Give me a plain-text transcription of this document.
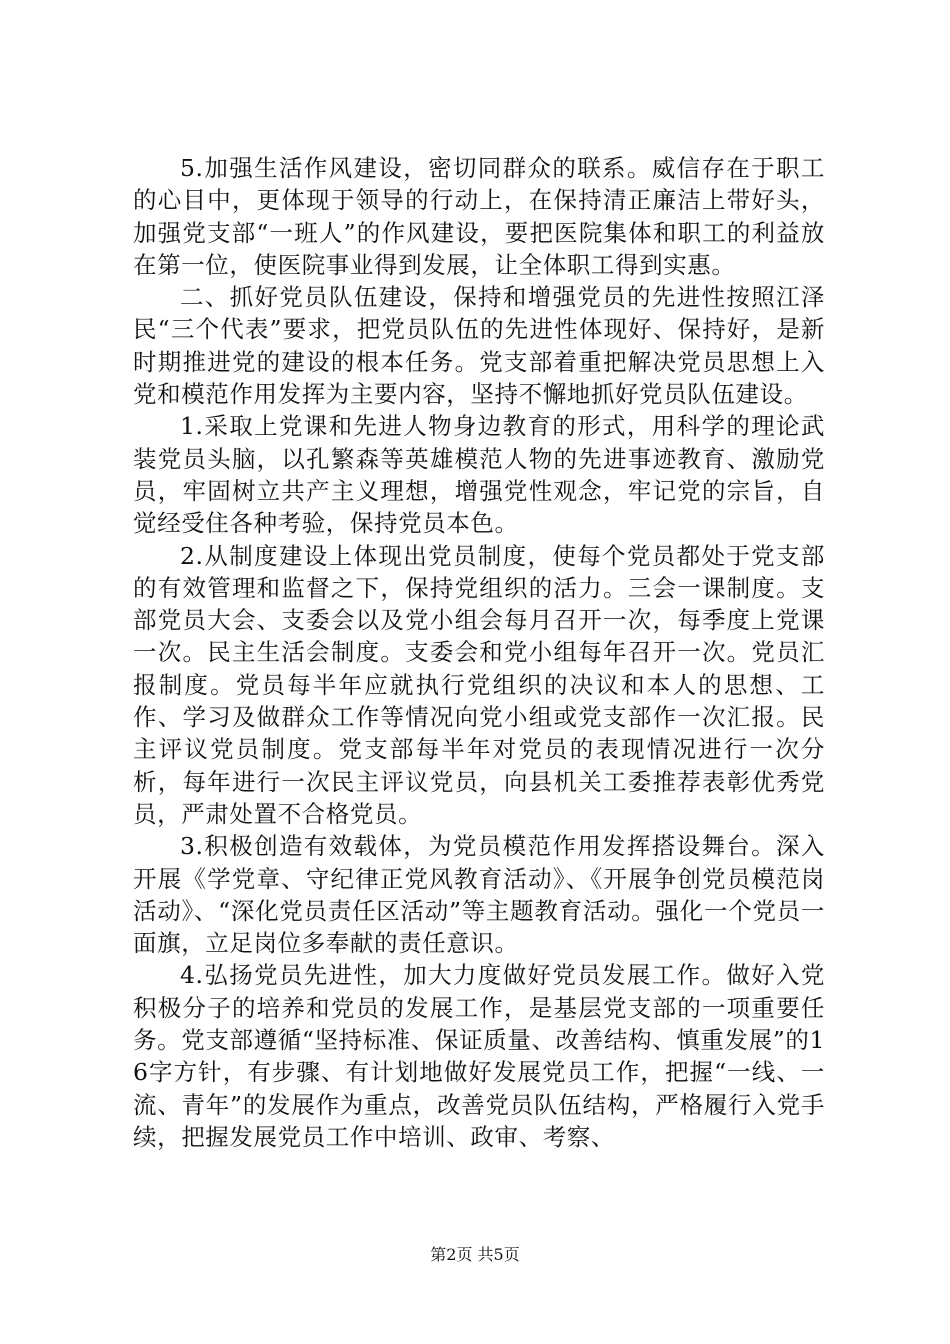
5.加强生活作风建设，密切同群众的联系。威信存在于职工的心目中，更体现于领导的行动上，在保持清正廉洁上带好头，加强党支部“一班人”的作风建设，要把医院集体和职工的利益放在第一位，使医院事业得到发展，让全体职工得到实惠。

二、抓好党员队伍建设，保持和增强党员的先进性按照江泽民“三个代表”要求，把党员队伍的先进性体现好、保持好，是新时期推进党的建设的根本任务。党支部着重把解决党员思想上入党和模范作用发挥为主要内容，坚持不懈地抓好党员队伍建设。

1.采取上党课和先进人物身边教育的形式，用科学的理论武装党员头脑，以孔繁森等英雄模范人物的先进事迹教育、激励党员，牢固树立共产主义理想，增强党性观念，牢记党的宗旨，自觉经受住各种考验，保持党员本色。

2.从制度建设上体现出党员制度，使每个党员都处于党支部的有效管理和监督之下，保持党组织的活力。三会一课制度。支部党员大会、支委会以及党小组会每月召开一次，每季度上党课一次。民主生活会制度。支委会和党小组每年召开一次。党员汇报制度。党员每半年应就执行党组织的决议和本人的思想、工作、学习及做群众工作等情况向党小组或党支部作一次汇报。民主评议党员制度。党支部每半年对党员的表现情况进行一次分析，每年进行一次民主评议党员，向县机关工委推荐表彰优秀党员，严肃处置不合格党员。

3.积极创造有效载体，为党员模范作用发挥搭设舞台。深入开展《学党章、守纪律正党风教育活动》、《开展争创党员模范岗活动》、“深化党员责任区活动”等主题教育活动。强化一个党员一面旗，立足岗位多奉献的责任意识。

4.弘扬党员先进性，加大力度做好党员发展工作。做好入党积极分子的培养和党员的发展工作，是基层党支部的一项重要任务。党支部遵循“坚持标准、保证质量、改善结构、慎重发展”的16字方针，有步骤、有计划地做好发展党员工作，把握“一线、一流、青年”的发展作为重点，改善党员队伍结构，严格履行入党手续，把握发展党员工作中培训、政审、考察、

第2页 共5页
